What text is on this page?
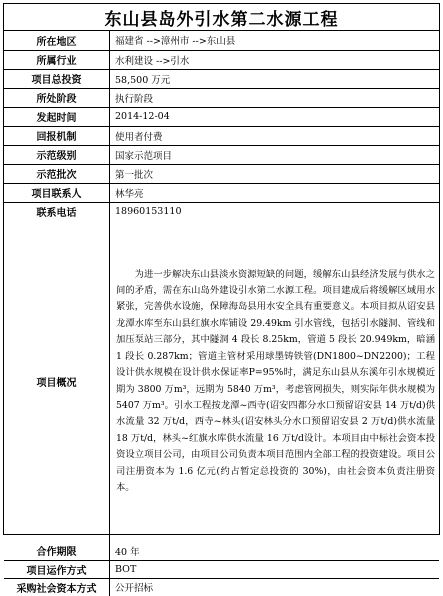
东山县岛外引水第二水源工程
所在地区	福建省 -->漳州市 -->东山县
所属行业	水利建设 -->引水
项目总投资	58,500 万元
所处阶段	执行阶段
发起时间	2014-12-04
回报机制	使用者付费
示范级别	国家示范项目
示范批次	第一批次
项目联系人	林华亮
联系电话	18960153110
项目概况	为进一步解决东山县淡水资源短缺的问题，缓解东山县经济发展与供水之间的矛盾，需在东山岛外建设引水第二水源工程。项目建成后将缓解区域用水紧张，完善供水设施，保障海岛县用水安全具有重要意义。本项目拟从诏安县龙潭水库至东山县红旗水库铺设 29.49km 引水管线，包括引水隧洞、管线和加压泵站三部分，其中隧洞 4 段长 8.25km，管道 5 段长 20.949km，暗涵 1 段长 0.287km；管道主管材采用球墨铸铁管(DN1800~DN2200)；工程设计供水规模在设计供水保证率P=95%时，满足东山县从东溪年引水规模近期为 3800 万m³，远期为 5840 万m³，考虑管网损失，则实际年供水规模为 5407 万m³。引水工程按龙潭~西寺(诏安四都分水口预留诏安县 14 万t/d)供水流量 32 万t/d，西寺~林头(诏安林头分水口预留诏安县 2 万t/d)供水流量 18 万t/d，林头~红旗水库供水流量 16 万t/d设计。本项目由中标社会资本投资设立项目公司，由项目公司负责本项目范围内全部工程的投资建设。项目公司注册资本为 1.6 亿元(约占暂定总投资的 30%)，由社会资本负责注册资本。
合作期限	40 年
项目运作方式	BOT
采购社会资本方式	公开招标
